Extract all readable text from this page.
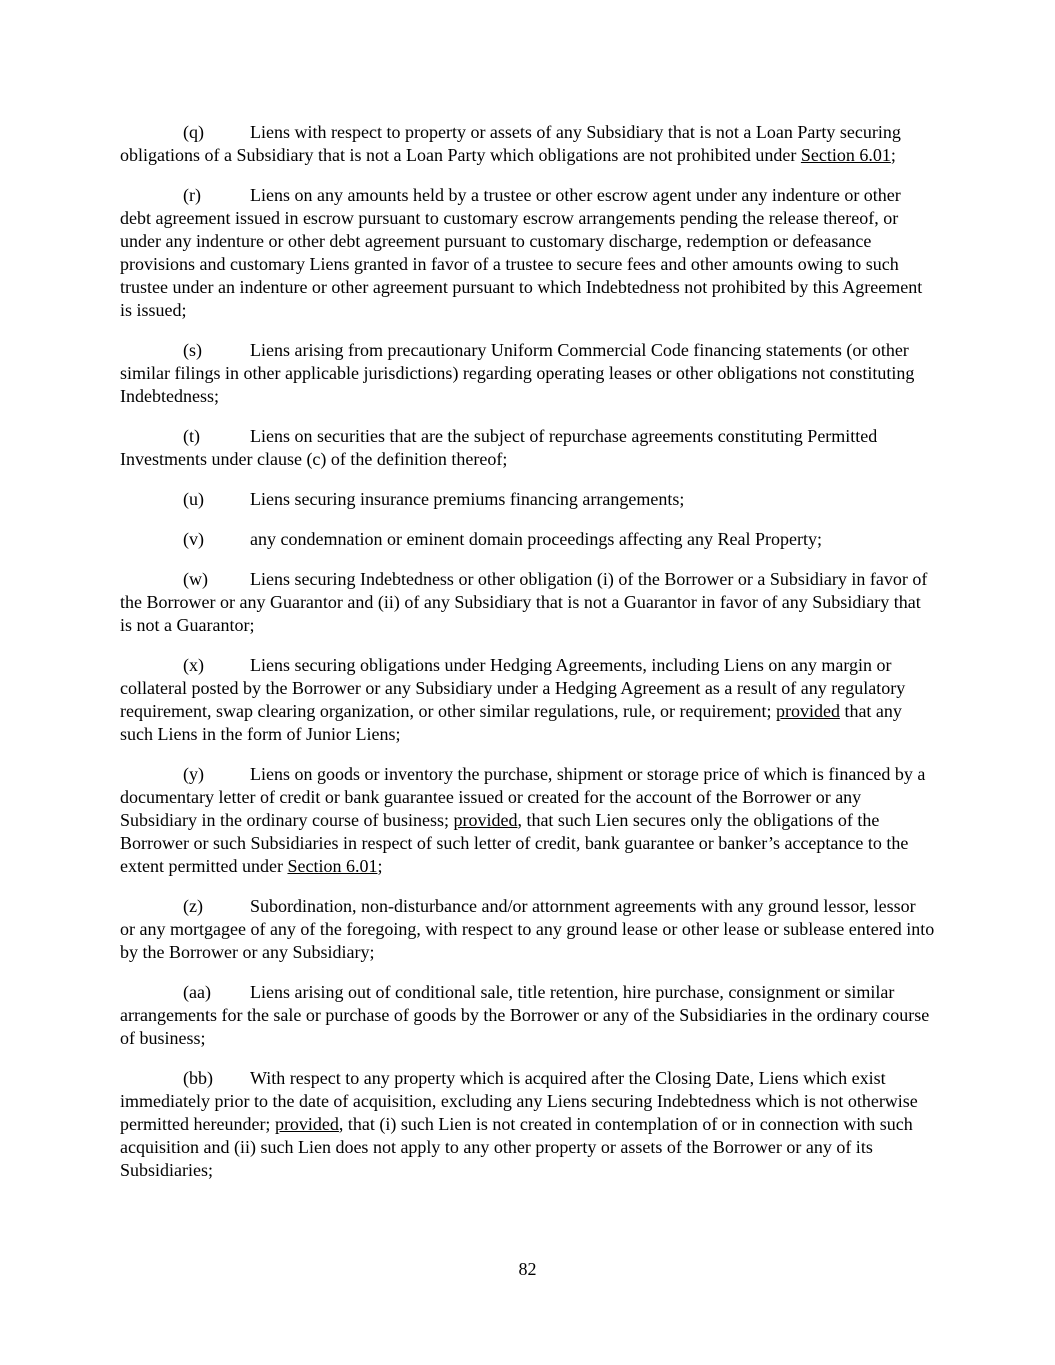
(q)	Liens with respect to property or assets of any Subsidiary that is not a Loan Party securing obligations of a Subsidiary that is not a Loan Party which obligations are not prohibited under Section 6.01;

(r)	Liens on any amounts held by a trustee or other escrow agent under any indenture or other debt agreement issued in escrow pursuant to customary escrow arrangements pending the release thereof, or under any indenture or other debt agreement pursuant to customary discharge, redemption or defeasance provisions and customary Liens granted in favor of a trustee to secure fees and other amounts owing to such trustee under an indenture or other agreement pursuant to which Indebtedness not prohibited by this Agreement is issued;

(s)	Liens arising from precautionary Uniform Commercial Code financing statements (or other similar filings in other applicable jurisdictions) regarding operating leases or other obligations not constituting Indebtedness;

(t)	Liens on securities that are the subject of repurchase agreements constituting Permitted Investments under clause (c) of the definition thereof;

(u)	Liens securing insurance premiums financing arrangements;

(v)	any condemnation or eminent domain proceedings affecting any Real Property;

(w) Liens securing Indebtedness or other obligation (i) of the Borrower or a Subsidiary in favor of the Borrower or any Guarantor and (ii) of any Subsidiary that is not a Guarantor in favor of any Subsidiary that is not a Guarantor;

(x)	Liens securing obligations under Hedging Agreements, including Liens on any margin or collateral posted by the Borrower or any Subsidiary under a Hedging Agreement as a result of any regulatory requirement, swap clearing organization, or other similar regulations, rule, or requirement; provided that any such Liens in the form of Junior Liens;

(y)	Liens on goods or inventory the purchase, shipment or storage price of which is financed by a documentary letter of credit or bank guarantee issued or created for the account of the Borrower or any Subsidiary in the ordinary course of business; provided, that such Lien secures only the obligations of the Borrower or such Subsidiaries in respect of such letter of credit, bank guarantee or banker’s acceptance to the extent permitted under Section 6.01;

(z)	Subordination, non-disturbance and/or attornment agreements with any ground lessor, lessor or any mortgagee of any of the foregoing, with respect to any ground lease or other lease or sublease entered into by the Borrower or any Subsidiary;

(aa) Liens arising out of conditional sale, title retention, hire purchase, consignment or similar arrangements for the sale or purchase of goods by the Borrower or any of the Subsidiaries in the ordinary course of business;

(bb) With respect to any property which is acquired after the Closing Date, Liens which exist immediately prior to the date of acquisition, excluding any Liens securing Indebtedness which is not otherwise permitted hereunder; provided, that (i) such Lien is not created in contemplation of or in connection with such acquisition and (ii) such Lien does not apply to any other property or assets of the Borrower or any of its Subsidiaries;

82
